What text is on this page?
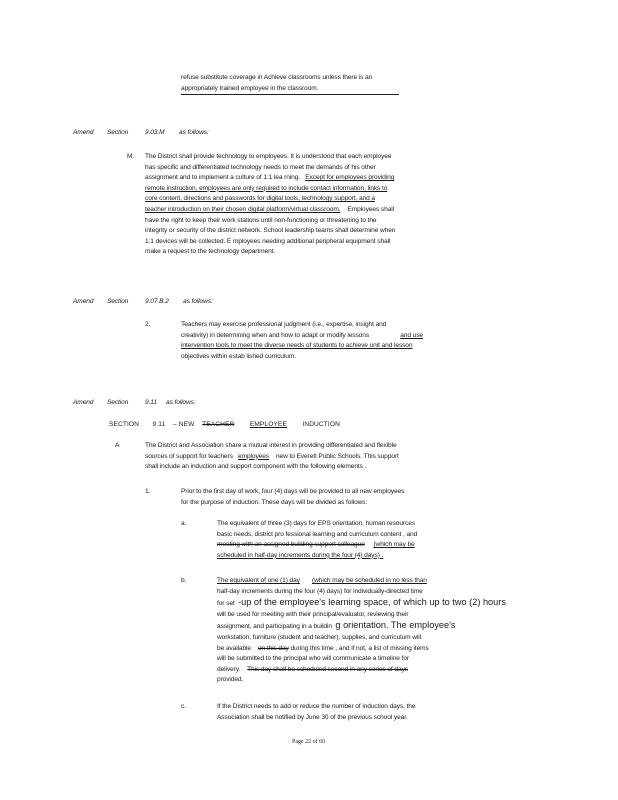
refuse substitute coverage in Achieve classrooms unless there is an
appropriately trained employee in the classroom.
Amend Section	9.03.M as follows:
M. The District shall provide technology to employees. It is understood that each employee
has specific and differentiated technology needs to meet the demands of his other
assignment and to implement a culture of 1:1 lea rning. Except for employees providing
remote instruction, employees are only required to include contact information, links to
core content, directions and passwords for digital tools, technology support, and a
teacher introduction on their chosen digital platform/virtual classroom. Employees shall
have the right to keep their work stations until non-functioning or threatening to the
integrity or security of the district network. School leadership teams shall determine when
1:1 devices will be collected. E mployees needing additional peripheral equipment shall
make a request to the technology department.
Amend Section	9.07.B.2 as follows:
2.	Teachers may exercise professional judgment (i.e., expertise, insight and
creativity) in determining when and how to adapt or modify lessons	and use
intervention tools to meet the diverse needs of students to achieve unit and lesson
objectives within estab lished curriculum.
Amend Section	9.11 as follows:
SECTION 9.11 – NEW TEACHER EMPLOYEE INDUCTION
A	The District and Association share a mutual interest in providing differentiated and flexible
sources of support for teachers employees new to Everett Public Schools. This support
shall include an induction and support component with the following elements .
1.	Prior to the first day of work, four (4) days will be provided to all new employees
for the purpose of induction. These days will be divided as follows:
a.	The equivalent of three (3) days for EPS orientation, human resources
basic needs, district pro fessional learning and curriculum content , and
meeting with an assigned building support colleague (which may be
scheduled in half-day increments during the four (4) days) .
b.	The equivalent of one (1) day (which may be scheduled in no less than
half-day increments during the four (4) days) for individually-directed time
for set -up of the employee's learning space, of which up to two (2) hours
will be used for meeting with their principal/evaluator, reviewing their
assignment, and participating in a buildin g orientation. The employee's
workstation, furniture (student and teacher), supplies, and curriculum will
be available on this day during this time , and if not, a list of missing items
will be submitted to the principal who will communicate a timeline for
delivery. This day shall be scheduled second in any series of days
provided.
c.	If the District needs to add or reduce the number of induction days, the
Association shall be notified by June 30 of the previous school year.
Page 22 of 60
